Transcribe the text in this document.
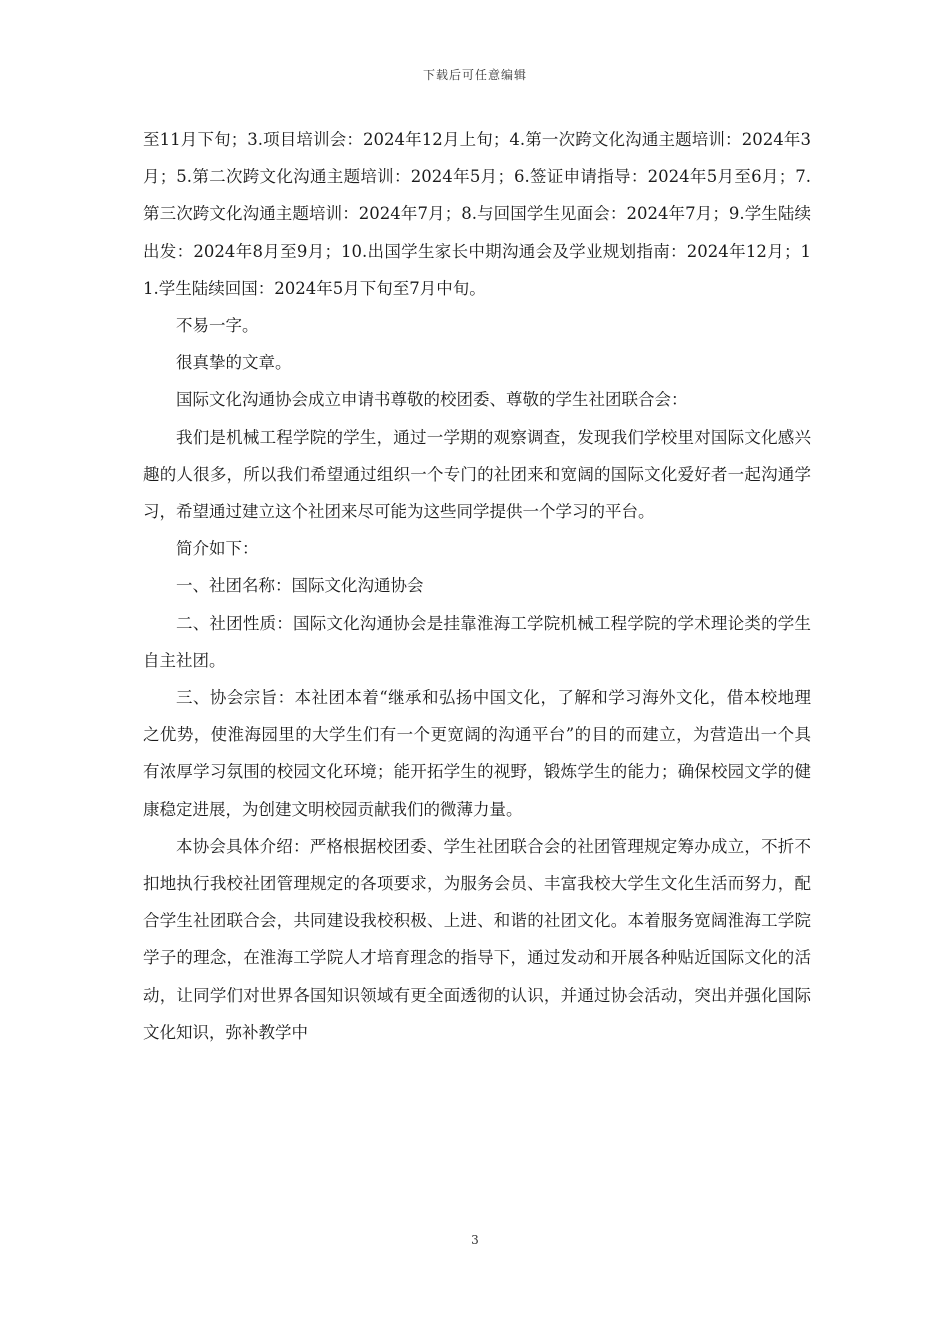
下载后可任意编辑

至11月下旬；3.项目培训会：2024年12月上旬；4.第一次跨文化沟通主题培训：2024年3月；5.第二次跨文化沟通主题培训：2024年5月；6.签证申请指导：2024年5月至6月；7.第三次跨文化沟通主题培训：2024年7月；8.与回国学生见面会：2024年7月；9.学生陆续出发：2024年8月至9月；10.出国学生家长中期沟通会及学业规划指南：2024年12月；11.学生陆续回国：2024年5月下旬至7月中旬。

不易一字。

很真挚的文章。

国际文化沟通协会成立申请书尊敬的校团委、尊敬的学生社团联合会：

我们是机械工程学院的学生，通过一学期的观察调查，发现我们学校里对国际文化感兴趣的人很多，所以我们希望通过组织一个专门的社团来和宽阔的国际文化爱好者一起沟通学习，希望通过建立这个社团来尽可能为这些同学提供一个学习的平台。

简介如下：

一、社团名称：国际文化沟通协会

二、社团性质：国际文化沟通协会是挂靠淮海工学院机械工程学院的学术理论类的学生自主社团。

三、协会宗旨：本社团本着“继承和弘扬中国文化，了解和学习海外文化，借本校地理之优势，使淮海园里的大学生们有一个更宽阔的沟通平台”的目的而建立，为营造出一个具有浓厚学习氛围的校园文化环境；能开拓学生的视野，锻炼学生的能力；确保校园文学的健康稳定进展，为创建文明校园贡献我们的微薄力量。

本协会具体介绍：严格根据校团委、学生社团联合会的社团管理规定筹办成立，不折不扣地执行我校社团管理规定的各项要求，为服务会员、丰富我校大学生文化生活而努力，配合学生社团联合会，共同建设我校积极、上进、和谐的社团文化。本着服务宽阔淮海工学院学子的理念，在淮海工学院人才培育理念的指导下，通过发动和开展各种贴近国际文化的活动，让同学们对世界各国知识领域有更全面透彻的认识，并通过协会活动，突出并强化国际文化知识，弥补教学中

3
